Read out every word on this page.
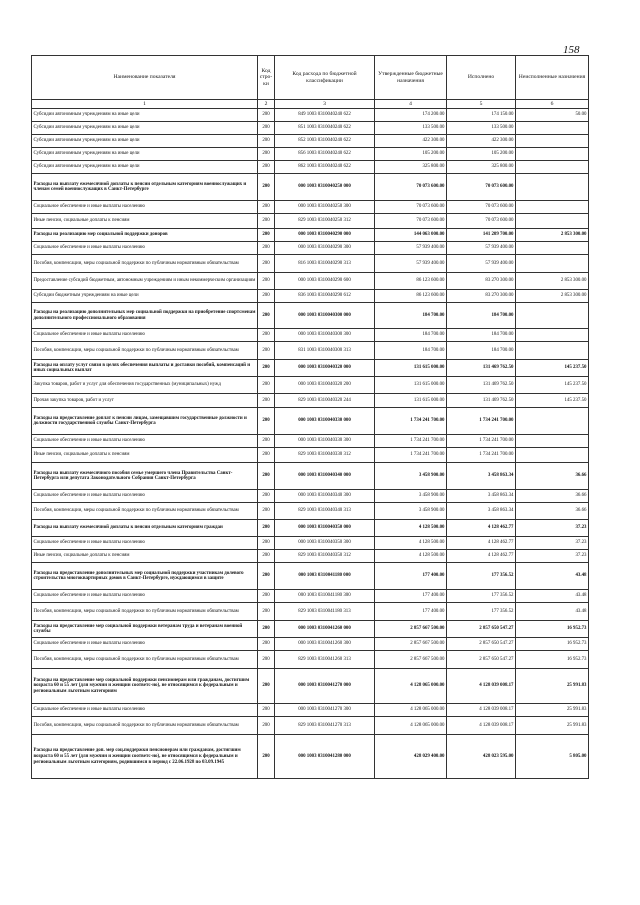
158
Наименование показателя	Код стро-ки	Код расхода по бюджетной классификации	Утвержденные бюджетные назначения	Исполнено	Неисполненные назначения
1	2	3	4	5	6
Субсидии автономным учреждениям на иные цели	200	849 1003 0310040240 622	174 200.00	174 150.00	50.00
Субсидии автономным учреждениям на иные цели	200	851 1003 0310040240 622	133 500.00	133 500.00	
Субсидии автономным учреждениям на иные цели	200	852 1003 0310040240 622	422 300.00	422 300.00	
Субсидии автономным учреждениям на иные цели	200	856 1003 0310040240 622	105 200.00	105 200.00	
Субсидии автономным учреждениям на иные цели	200	862 1003 0310040240 622	325 800.00	325 800.00	
Расходы на выплату ежемесячной доплаты к пенсии отдельным категориям военнослужащих и членам семей военнослужащих в Санкт-Петербурге	200	000 1003 0310040250 000	70 073 600.00	70 073 600.00	
Социальное обеспечение и иные выплаты населению	200	000 1003 0310040250 300	70 073 600.00	70 073 600.00	
Иные пенсии, социальные доплаты к пенсиям	200	829 1003 0310040250 312	70 073 600.00	70 073 600.00	
Расходы на реализацию мер социальной поддержки доноров	200	000 1003 0310040290 000	144 063 000.00	141 209 700.00	2 853 300.00
Социальное обеспечение и иные выплаты населению	200	000 1003 0310040290 300	57 939 400.00	57 939 400.00	
Пособия, компенсации, меры социальной поддержки по публичным нормативным обязательствам	200	816 1003 0310040290 313	57 939 400.00	57 939 400.00	
Предоставление субсидий бюджетным, автономным учреждениям и иным некоммерческим организациям	200	000 1003 0310040290 600	86 123 600.00	83 270 300.00	2 853 300.00
Субсидии бюджетным учреждениям на иные цели	200	836 1003 0310040290 612	86 123 600.00	83 270 300.00	2 853 300.00
Расходы на реализацию дополнительных мер социальной поддержки на приобретение спортсменам дополнительного профессионального образования	200	000 1003 0310040300 000	184 700.00	184 700.00	
Социальное обеспечение и иные выплаты населению	200	000 1003 0310040300 300	184 700.00	184 700.00	
Пособия, компенсации, меры социальной поддержки по публичным нормативным обязательствам	200	831 1003 0310040300 313	184 700.00	184 700.00	
Расходы на оплату услуг связи в целях обеспечения выплаты и доставки пособий, компенсаций и иных социальных выплат	200	000 1003 0310040320 000	131 615 000.00	131 469 762.50	145 237.50
Закупка товаров, работ и услуг для обеспечения государственных (муниципальных) нужд	200	000 1003 0310040320 200	131 615 000.00	131 469 762.50	145 237.50
Прочая закупка товаров, работ и услуг	200	829 1003 0310040320 244	131 615 000.00	131 469 762.50	145 237.50
Расходы на предоставление доплат к пенсии лицам, замещавшим государственные должности и должности государственной службы Санкт-Петербурга	200	000 1003 0310040330 000	1 734 241 700.00	1 734 241 700.00	
Социальное обеспечение и иные выплаты населению	200	000 1003 0310040330 300	1 734 241 700.00	1 734 241 700.00	
Иные пенсии, социальные доплаты к пенсиям	200	829 1003 0310040330 312	1 734 241 700.00	1 734 241 700.00	
Расходы на выплату ежемесячного пособия семье умершего члена Правительства Санкт-Петербурга или депутата Законодательного Собрания Санкт-Петербурга	200	000 1003 0310040340 000	3 458 900.00	3 458 863.34	36.66
Социальное обеспечение и иные выплаты населению	200	000 1003 0310040340 300	3 458 900.00	3 458 863.34	36.66
Пособия, компенсации, меры социальной поддержки по публичным нормативным обязательствам	200	829 1003 0310040340 313	3 458 900.00	3 458 863.34	36.66
Расходы на выплату ежемесячной доплаты к пенсии отдельным категориям граждан	200	000 1003 0310040350 000	4 128 500.00	4 128 462.77	37.23
Социальное обеспечение и иные выплаты населению	200	000 1003 0310040350 300	4 128 500.00	4 128 462.77	37.23
Иные пенсии, социальные доплаты к пенсиям	200	829 1003 0310040350 312	4 128 500.00	4 128 462.77	37.23
Расходы на предоставление дополнительных мер социальной поддержки участникам долевого строительства многоквартирных домов в Санкт-Петербурге, нуждающимся в защите	200	000 1003 0310041180 000	177 400.00	177 356.52	43.48
Социальное обеспечение и иные выплаты населению	200	000 1003 0310041180 300	177 400.00	177 356.52	43.48
Пособия, компенсации, меры социальной поддержки по публичным нормативным обязательствам	200	829 1003 0310041180 313	177 400.00	177 356.52	43.48
Расходы на предоставление мер социальной поддержки ветеранам труда и ветеранам военной службы	200	000 1003 0310041260 000	2 857 667 500.00	2 857 650 547.27	16 952.73
Социальное обеспечение и иные выплаты населению	200	000 1003 0310041260 300	2 857 667 500.00	2 857 650 547.27	16 952.73
Пособия, компенсации, меры социальной поддержки по публичным нормативным обязательствам	200	829 1003 0310041260 313	2 857 667 500.00	2 857 650 547.27	16 952.73
Расходы на предоставление мер социальной поддержки пенсионерам или гражданам, достигшим возраста 60 и 55 лет (для мужчин и женщин соответс-но), не относящимся к федеральным и региональным льготным категориям	200	000 1003 0310041270 000	4 128 065 000.00	4 128 039 008.17	25 991.83
Социальное обеспечение и иные выплаты населению	200	000 1003 0310041270 300	4 128 065 000.00	4 128 039 008.17	25 991.83
Пособия, компенсации, меры социальной поддержки по публичным нормативным обязательствам	200	829 1003 0310041270 313	4 128 065 000.00	4 128 039 008.17	25 991.83
Расходы на предоставление доп. мер соц.поддержки пенсионерам или гражданам, достигшим возраста 60 и 55 лет (для мужчин и женщин соответс-но), не относящимся к федеральным и региональным льготным категориям, родившимся в период с 22.06.1928 по 03.09.1945	200	000 1003 0310041280 000	428 029 400.00	428 023 595.00	5 805.00
